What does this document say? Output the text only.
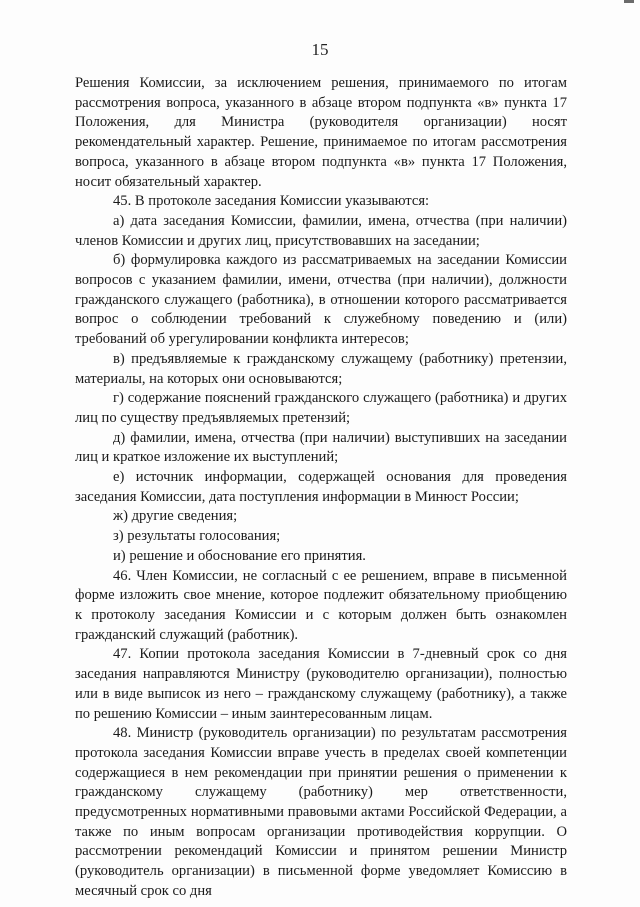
15

Решения Комиссии, за исключением решения, принимаемого по итогам рассмотрения вопроса, указанного в абзаце втором подпункта «в» пункта 17 Положения, для Министра (руководителя организации) носят рекомендательный характер. Решение, принимаемое по итогам рассмотрения вопроса, указанного в абзаце втором подпункта «в» пункта 17 Положения, носит обязательный характер.

45. В протоколе заседания Комиссии указываются:

а) дата заседания Комиссии, фамилии, имена, отчества (при наличии) членов Комиссии и других лиц, присутствовавших на заседании;

б) формулировка каждого из рассматриваемых на заседании Комиссии вопросов с указанием фамилии, имени, отчества (при наличии), должности гражданского служащего (работника), в отношении которого рассматривается вопрос о соблюдении требований к служебному поведению и (или) требований об урегулировании конфликта интересов;

в) предъявляемые к гражданскому служащему (работнику) претензии, материалы, на которых они основываются;

г) содержание пояснений гражданского служащего (работника) и других лиц по существу предъявляемых претензий;

д) фамилии, имена, отчества (при наличии) выступивших на заседании лиц и краткое изложение их выступлений;

е) источник информации, содержащей основания для проведения заседания Комиссии, дата поступления информации в Минюст России;

ж) другие сведения;

з) результаты голосования;

и) решение и обоснование его принятия.

46. Член Комиссии, не согласный с ее решением, вправе в письменной форме изложить свое мнение, которое подлежит обязательному приобщению к протоколу заседания Комиссии и с которым должен быть ознакомлен гражданский служащий (работник).

47. Копии протокола заседания Комиссии в 7-дневный срок со дня заседания направляются Министру (руководителю организации), полностью или в виде выписок из него – гражданскому служащему (работнику), а также по решению Комиссии – иным заинтересованным лицам.

48. Министр (руководитель организации) по результатам рассмотрения протокола заседания Комиссии вправе учесть в пределах своей компетенции содержащиеся в нем рекомендации при принятии решения о применении к гражданскому служащему (работнику) мер ответственности, предусмотренных нормативными правовыми актами Российской Федерации, а также по иным вопросам организации противодействия коррупции. О рассмотрении рекомендаций Комиссии и принятом решении Министр (руководитель организации) в письменной форме уведомляет Комиссию в месячный срок со дня
